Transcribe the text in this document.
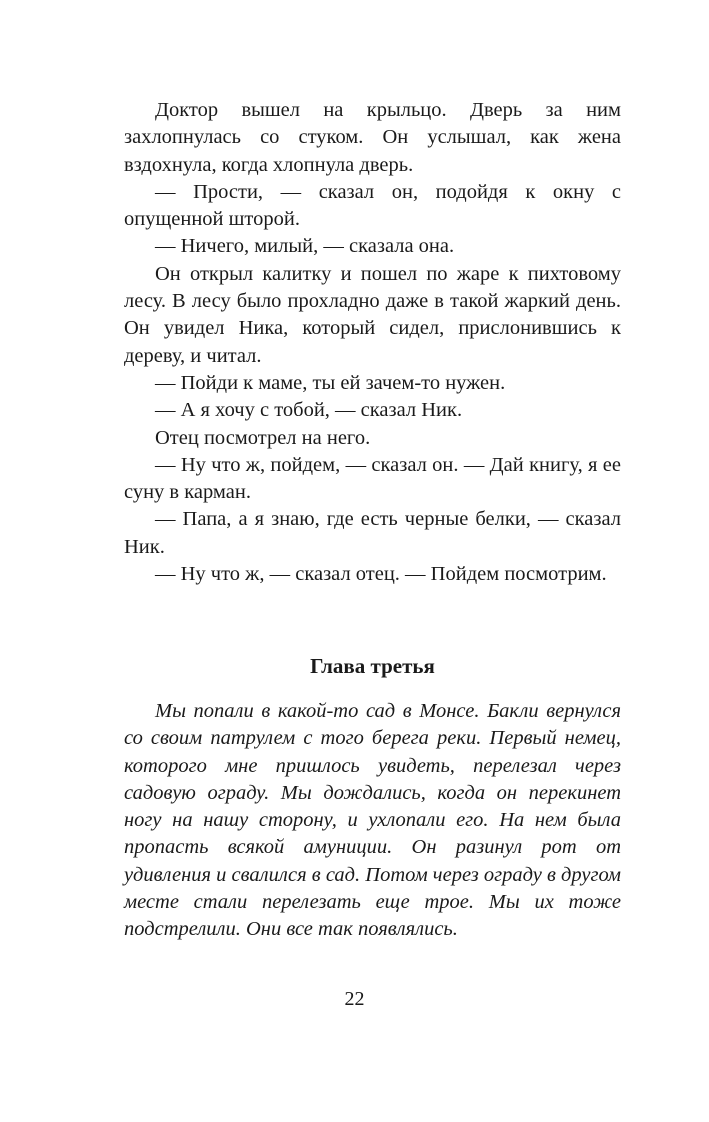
Доктор вышел на крыльцо. Дверь за ним захлопнулась со стуком. Он услышал, как жена вздохнула, когда хлопнула дверь.

— Прости, — сказал он, подойдя к окну с опущенной шторой.

— Ничего, милый, — сказала она.

Он открыл калитку и пошел по жаре к пихтовому лесу. В лесу было прохладно даже в такой жаркий день. Он увидел Ника, который сидел, прислонившись к дереву, и читал.

— Пойди к маме, ты ей зачем-то нужен.

— А я хочу с тобой, — сказал Ник.

Отец посмотрел на него.

— Ну что ж, пойдем, — сказал он. — Дай книгу, я ее суну в карман.

— Папа, а я знаю, где есть черные белки, — сказал Ник.

— Ну что ж, — сказал отец. — Пойдем посмотрим.

Глава третья

Мы попали в какой-то сад в Монсе. Бакли вернулся со своим патрулем с того берега реки. Первый немец, которого мне пришлось увидеть, перелезал через садовую ограду. Мы дождались, когда он перекинет ногу на нашу сторону, и ухлопали его. На нем была пропасть всякой амуниции. Он разинул рот от удивления и свалился в сад. Потом через ограду в другом месте стали перелезать еще трое. Мы их тоже подстрелили. Они все так появлялись.

22
